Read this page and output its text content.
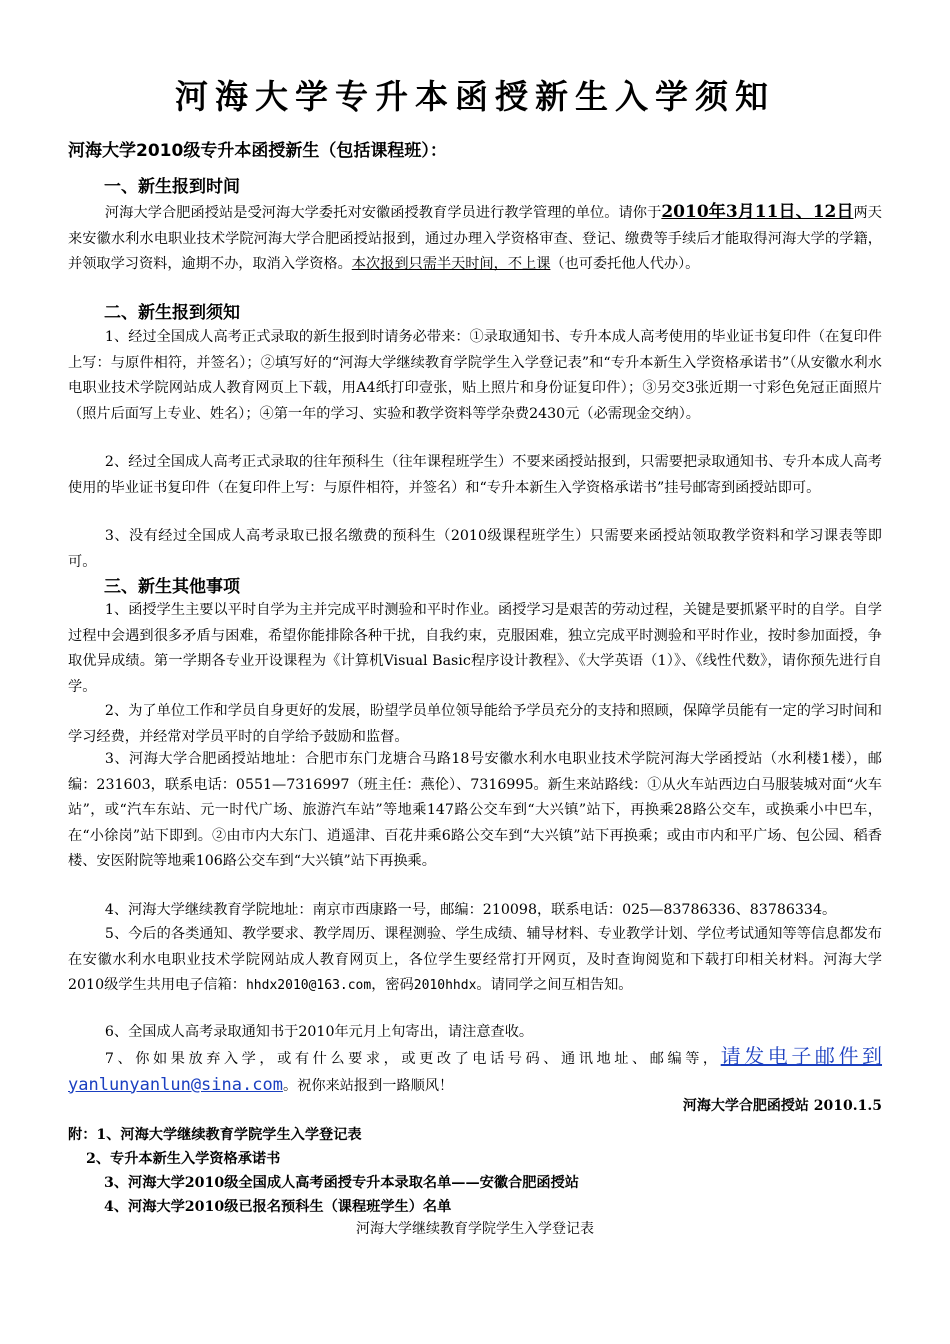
河海大学专升本函授新生入学须知
河海大学2010级专升本函授新生（包括课程班）：
一、新生报到时间
河海大学合肥函授站是受河海大学委托对安徽函授教育学员进行教学管理的单位。请你于2010年3月11日、12日两天来安徽水利水电职业技术学院河海大学合肥函授站报到，通过办理入学资格审查、登记、缴费等手续后才能取得河海大学的学籍，并领取学习资料，逾期不办，取消入学资格。本次报到只需半天时间，不上课（也可委托他人代办）。
二、新生报到须知
1、经过全国成人高考正式录取的新生报到时请务必带来：①录取通知书、专升本成人高考使用的毕业证书复印件（在复印件上写：与原件相符，并签名）；②填写好的“河海大学继续教育学院学生入学登记表”和“专升本新生入学资格承诺书”（从安徽水利水电职业技术学院网站成人教育网页上下载，用A4纸打印壹张，贴上照片和身份证复印件）；③另交3张近期一寸彩色免冠正面照片（照片后面写上专业、姓名）；④第一年的学习、实验和教学资料等学杂费2430元（必需现金交纳）。
2、经过全国成人高考正式录取的往年预科生（往年课程班学生）不要来函授站报到，只需要把录取通知书、专升本成人高考使用的毕业证书复印件（在复印件上写：与原件相符，并签名）和“专升本新生入学资格承诺书”挂号邮寄到函授站即可。
3、没有经过全国成人高考录取已报名缴费的预科生（2010级课程班学生）只需要来函授站领取教学资料和学习课表等即可。
三、新生其他事项
1、函授学生主要以平时自学为主并完成平时测验和平时作业。函授学习是艰苦的劳动过程，关键是要抓紧平时的自学。自学过程中会遇到很多矛盾与困难，希望你能排除各种干扰，自我约束，克服困难，独立完成平时测验和平时作业，按时参加面授，争取优异成绩。第一学期各专业开设课程为《计算机Visual Basic程序设计教程》、《大学英语（1）》、《线性代数》，请你预先进行自学。
2、为了单位工作和学员自身更好的发展，盼望学员单位领导能给予学员充分的支持和照顾，保障学员能有一定的学习时间和学习经费，并经常对学员平时的自学给予鼓励和监督。
3、河海大学合肥函授站地址：合肥市东门龙塘合马路18号安徽水利水电职业技术学院河海大学函授站（水利楼1楼），邮编：231603，联系电话：0551—7316997（班主任：燕伦）、7316995。新生来站路线：①从火车站西边白马服装城对面“火车站”，或“汽车东站、元一时代广场、旅游汽车站”等地乘147路公交车到“大兴镇”站下，再换乘28路公交车，或换乘小中巴车，在“小徐岗”站下即到。②由市内大东门、逍遥津、百花井乘6路公交车到“大兴镇”站下再换乘；或由市内和平广场、包公园、稻香楼、安医附院等地乘106路公交车到“大兴镇”站下再换乘。
4、河海大学继续教育学院地址：南京市西康路一号，邮编：210098，联系电话：025—83786336、83786334。
5、今后的各类通知、教学要求、教学周历、课程测验、学生成绩、辅导材料、专业教学计划、学位考试通知等等信息都发布在安徽水利水电职业技术学院网站成人教育网页上，各位学生要经常打开网页，及时查询阅览和下载打印相关材料。河海大学2010级学生共用电子信箱：hhdx2010@163.com，密码2010hhdx。请同学之间互相告知。
6、全国成人高考录取通知书于2010年元月上旬寄出，请注意查收。
7、你如果放弃入学，或有什么要求，或更改了电话号码、通讯地址、邮编等，请发电子邮件到yanlunyanlun@sina.com。祝你来站报到一路顺风！
河海大学合肥函授站 2010.1.5
附：1、河海大学继续教育学院学生入学登记表
2、专升本新生入学资格承诺书
3、河海大学2010级全国成人高考函授专升本录取名单——安徽合肥函授站
4、河海大学2010级已报名预科生（课程班学生）名单
河海大学继续教育学院学生入学登记表
